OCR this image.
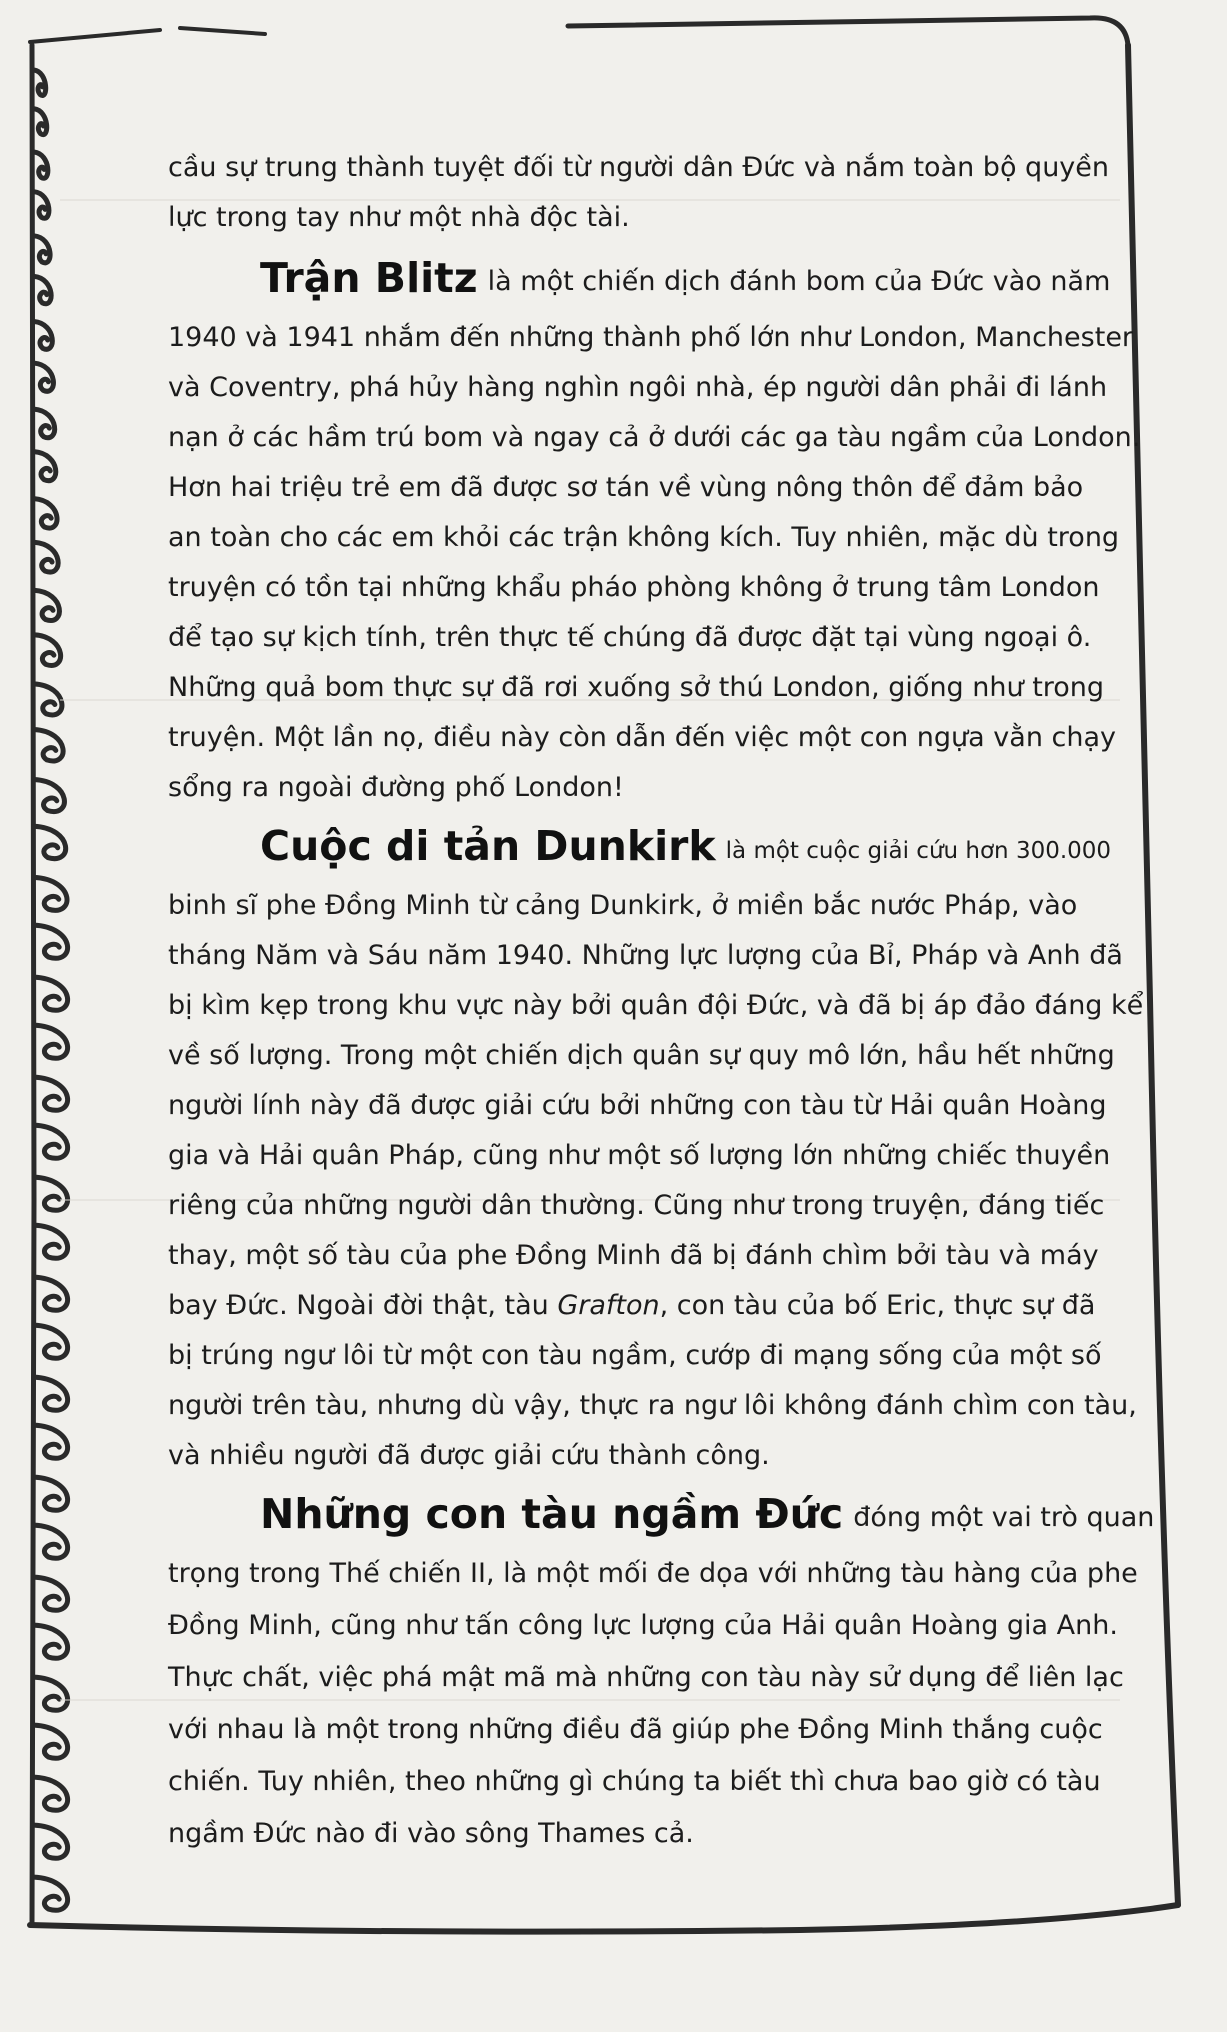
cầu sự trung thành tuyệt đối từ người dân Đức và nắm toàn bộ quyền
lực trong tay như một nhà độc tài.
Trận Blitz là một chiến dịch đánh bom của Đức vào năm
1940 và 1941 nhắm đến những thành phố lớn như London, Manchester
và Coventry, phá hủy hàng nghìn ngôi nhà, ép người dân phải đi lánh
nạn ở các hầm trú bom và ngay cả ở dưới các ga tàu ngầm của London.
Hơn hai triệu trẻ em đã được sơ tán về vùng nông thôn để đảm bảo
an toàn cho các em khỏi các trận không kích. Tuy nhiên, mặc dù trong
truyện có tồn tại những khẩu pháo phòng không ở trung tâm London
để tạo sự kịch tính, trên thực tế chúng đã được đặt tại vùng ngoại ô.
Những quả bom thực sự đã rơi xuống sở thú London, giống như trong
truyện. Một lần nọ, điều này còn dẫn đến việc một con ngựa vằn chạy
sổng ra ngoài đường phố London!
Cuộc di tản Dunkirk là một cuộc giải cứu hơn 300.000
binh sĩ phe Đồng Minh từ cảng Dunkirk, ở miền bắc nước Pháp, vào
tháng Năm và Sáu năm 1940. Những lực lượng của Bỉ, Pháp và Anh đã
bị kìm kẹp trong khu vực này bởi quân đội Đức, và đã bị áp đảo đáng kể
về số lượng. Trong một chiến dịch quân sự quy mô lớn, hầu hết những
người lính này đã được giải cứu bởi những con tàu từ Hải quân Hoàng
gia và Hải quân Pháp, cũng như một số lượng lớn những chiếc thuyền
riêng của những người dân thường. Cũng như trong truyện, đáng tiếc
thay, một số tàu của phe Đồng Minh đã bị đánh chìm bởi tàu và máy
bay Đức. Ngoài đời thật, tàu Grafton, con tàu của bố Eric, thực sự đã
bị trúng ngư lôi từ một con tàu ngầm, cướp đi mạng sống của một số
người trên tàu, nhưng dù vậy, thực ra ngư lôi không đánh chìm con tàu,
và nhiều người đã được giải cứu thành công.
Những con tàu ngầm Đức đóng một vai trò quan
trọng trong Thế chiến II, là một mối đe dọa với những tàu hàng của phe
Đồng Minh, cũng như tấn công lực lượng của Hải quân Hoàng gia Anh.
Thực chất, việc phá mật mã mà những con tàu này sử dụng để liên lạc
với nhau là một trong những điều đã giúp phe Đồng Minh thắng cuộc
chiến. Tuy nhiên, theo những gì chúng ta biết thì chưa bao giờ có tàu
ngầm Đức nào đi vào sông Thames cả.
